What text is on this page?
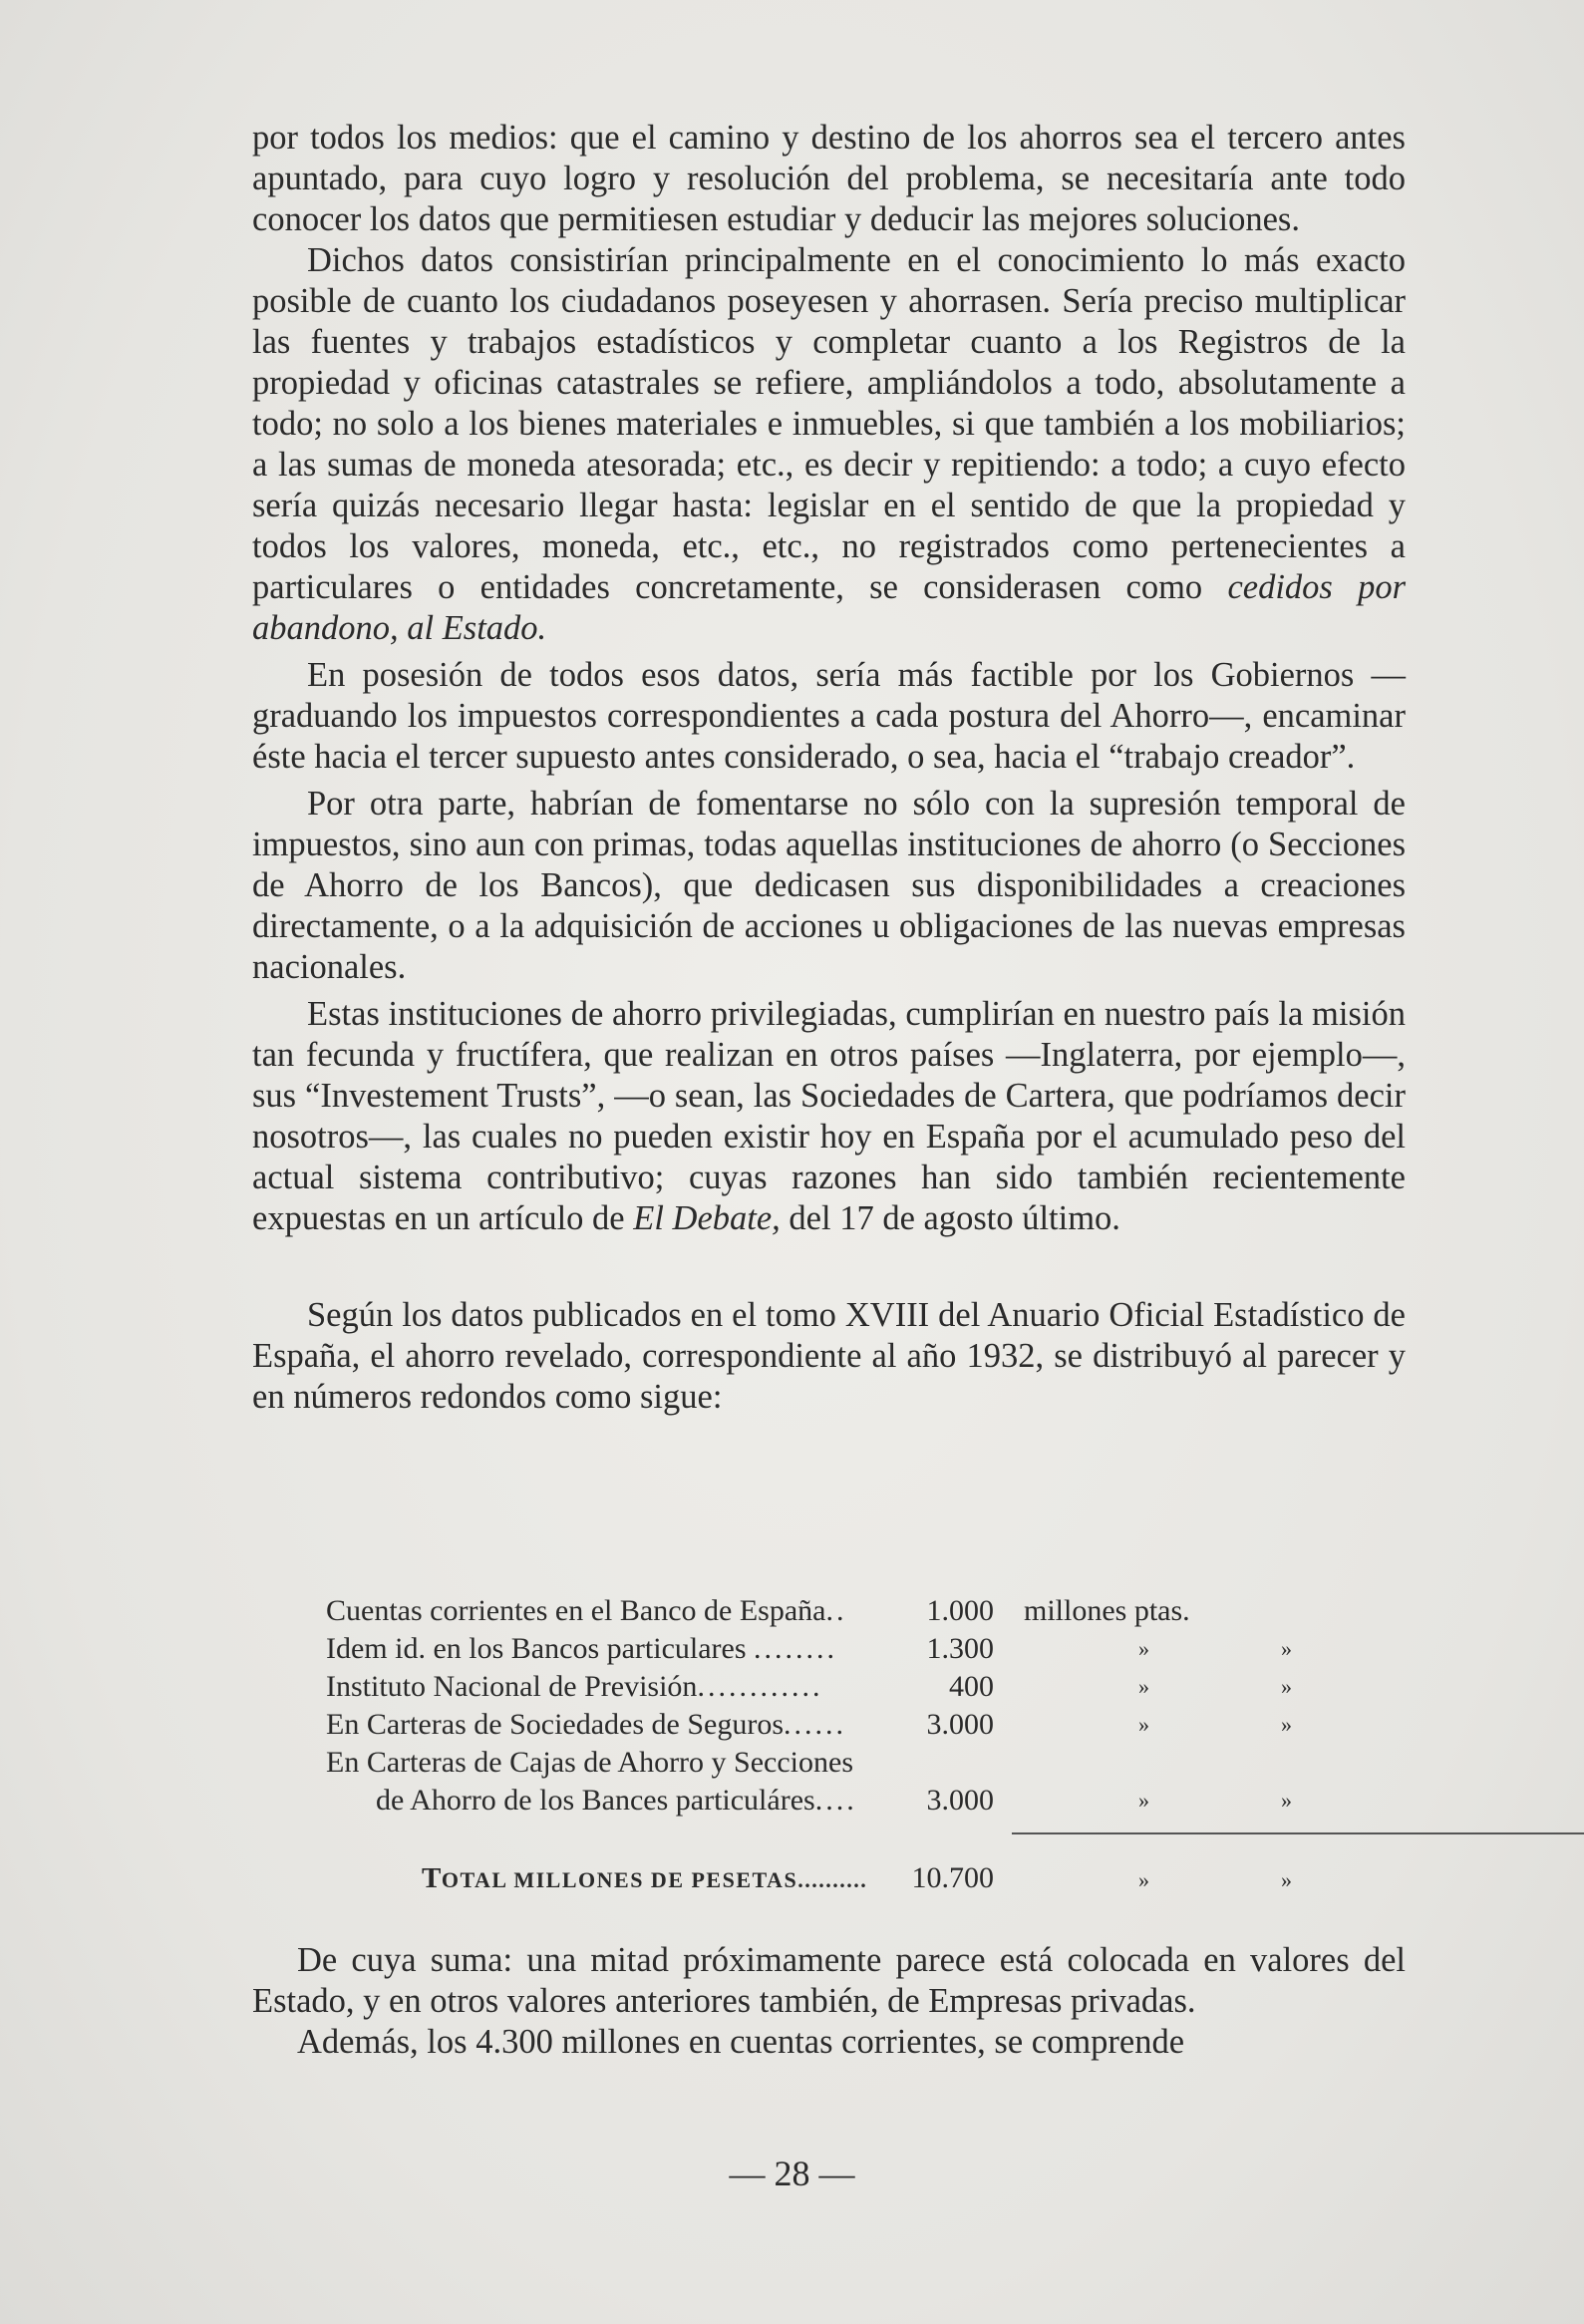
por todos los medios: que el camino y destino de los ahorros sea el tercero antes apuntado, para cuyo logro y resolución del problema, se necesitaría ante todo conocer los datos que permitiesen estudiar y deducir las mejores soluciones.

Dichos datos consistirían principalmente en el conocimiento lo más exacto posible de cuanto los ciudadanos poseyesen y ahorrasen. Sería preciso multiplicar las fuentes y trabajos estadísticos y completar cuanto a los Registros de la propiedad y oficinas catastrales se refiere, ampliándolos a todo, absolutamente a todo; no solo a los bienes materiales e inmuebles, si que también a los mobiliarios; a las sumas de moneda atesorada; etc., es decir y repitiendo: a todo; a cuyo efecto sería quizás necesario llegar hasta: legislar en el sentido de que la propiedad y todos los valores, moneda, etc., etc., no registrados como pertenecientes a particulares o entidades concretamente, se considerasen como cedidos por abandono, al Estado.

En posesión de todos esos datos, sería más factible por los Gobiernos —graduando los impuestos correspondientes a cada postura del Ahorro—, encaminar éste hacia el tercer supuesto antes considerado, o sea, hacia el “trabajo creador”.

Por otra parte, habrían de fomentarse no sólo con la supresión temporal de impuestos, sino aun con primas, todas aquellas instituciones de ahorro (o Secciones de Ahorro de los Bancos), que dedicasen sus disponibilidades a creaciones directamente, o a la adquisición de acciones u obligaciones de las nuevas empresas nacionales.

Estas instituciones de ahorro privilegiadas, cumplirían en nuestro país la misión tan fecunda y fructífera, que realizan en otros países —Inglaterra, por ejemplo—, sus “Investement Trusts”, —o sean, las Sociedades de Cartera, que podríamos decir nosotros—, las cuales no pueden existir hoy en España por el acumulado peso del actual sistema contributivo; cuyas razones han sido también recientemente expuestas en un artículo de El Debate, del 17 de agosto último.

Según los datos publicados en el tomo XVIII del Anuario Oficial Estadístico de España, el ahorro revelado, correspondiente al año 1932, se distribuyó al parecer y en números redondos como sigue:

Cuentas corrientes en el Banco de España..	1.000 millones ptas.
Idem id. en los Bancos particulares ........	1.300	»	»
Instituto Nacional de Previsión............	400	»	»
En Carteras de Sociedades de Seguros......	3.000	»	»
En Carteras de Cajas de Ahorro y Secciones
de Ahorro de los Bances particuláres.... 3.000	»	»
TOTAL MILLONES DE PESETAS.......... 10.700	»	»

De cuya suma: una mitad próximamente parece está colocada en valores del Estado, y en otros valores anteriores también, de Empresas privadas.

Además, los 4.300 millones en cuentas corrientes, se comprende

— 28 —
